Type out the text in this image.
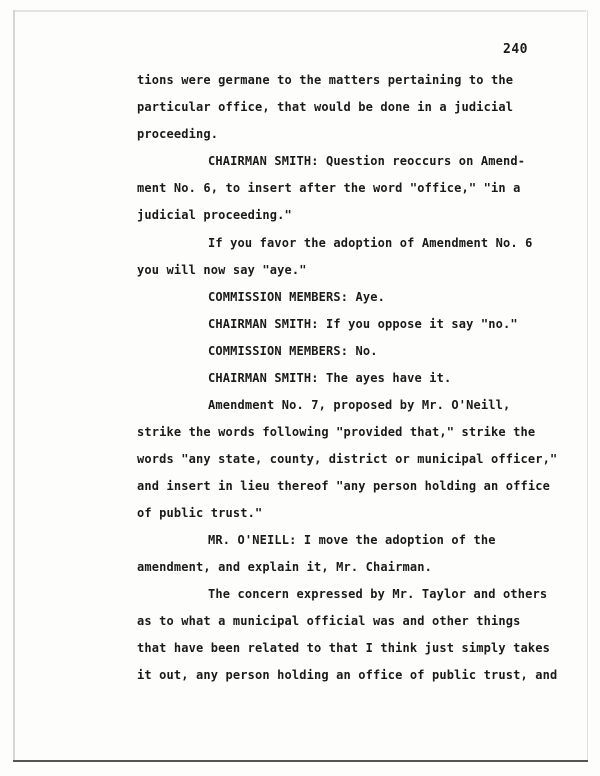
240
tions were germane to the matters pertaining to the
particular office, that would be done in a judicial
proceeding.
CHAIRMAN SMITH: Question reoccurs on Amend-
ment No. 6, to insert after the word "office," "in a
judicial proceeding."
If you favor the adoption of Amendment No. 6
you will now say "aye."
COMMISSION MEMBERS: Aye.
CHAIRMAN SMITH: If you oppose it say "no."
COMMISSION MEMBERS: No.
CHAIRMAN SMITH: The ayes have it.
Amendment No. 7, proposed by Mr. O'Neill,
strike the words following "provided that," strike the
words "any state, county, district or municipal officer,"
and insert in lieu thereof "any person holding an office
of public trust."
MR. O'NEILL: I move the adoption of the
amendment, and explain it, Mr. Chairman.
The concern expressed by Mr. Taylor and others
as to what a municipal official was and other things
that have been related to that I think just simply takes
it out, any person holding an office of public trust, and
